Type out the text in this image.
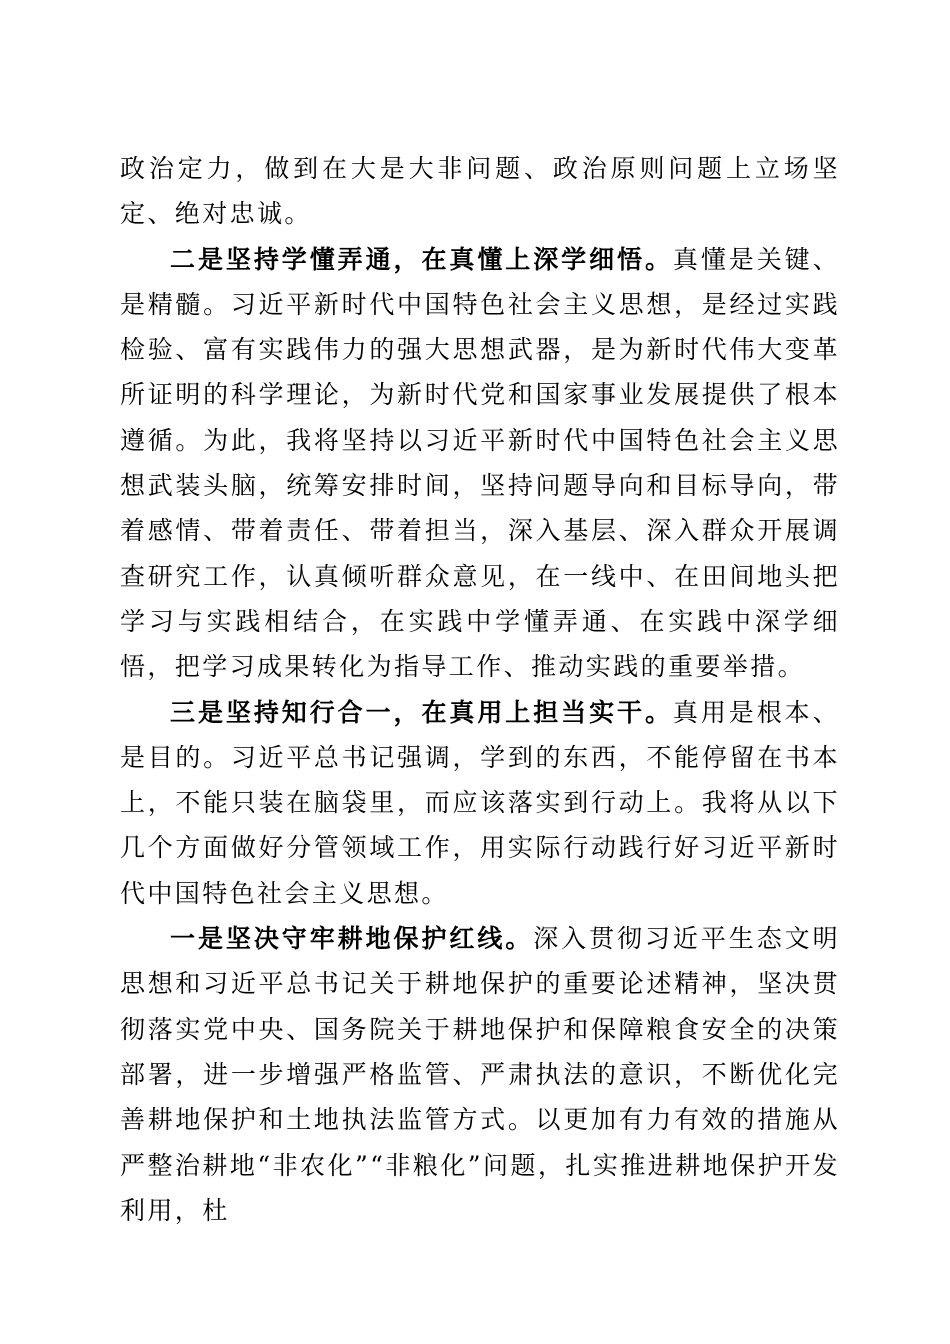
政治定力，做到在大是大非问题、政治原则问题上立场坚定、绝对忠诚。

二是坚持学懂弄通，在真懂上深学细悟。真懂是关键、是精髓。习近平新时代中国特色社会主义思想，是经过实践检验、富有实践伟力的强大思想武器，是为新时代伟大变革所证明的科学理论，为新时代党和国家事业发展提供了根本遵循。为此，我将坚持以习近平新时代中国特色社会主义思想武装头脑，统筹安排时间，坚持问题导向和目标导向，带着感情、带着责任、带着担当，深入基层、深入群众开展调查研究工作，认真倾听群众意见，在一线中、在田间地头把学习与实践相结合，在实践中学懂弄通、在实践中深学细悟，把学习成果转化为指导工作、推动实践的重要举措。

三是坚持知行合一，在真用上担当实干。真用是根本、是目的。习近平总书记强调，学到的东西，不能停留在书本上，不能只装在脑袋里，而应该落实到行动上。我将从以下几个方面做好分管领域工作，用实际行动践行好习近平新时代中国特色社会主义思想。

一是坚决守牢耕地保护红线。深入贯彻习近平生态文明思想和习近平总书记关于耕地保护的重要论述精神，坚决贯彻落实党中央、国务院关于耕地保护和保障粮食安全的决策部署，进一步增强严格监管、严肃执法的意识，不断优化完善耕地保护和土地执法监管方式。以更加有力有效的措施从严整治耕地“非农化”“非粮化”问题，扎实推进耕地保护开发利用，杜
